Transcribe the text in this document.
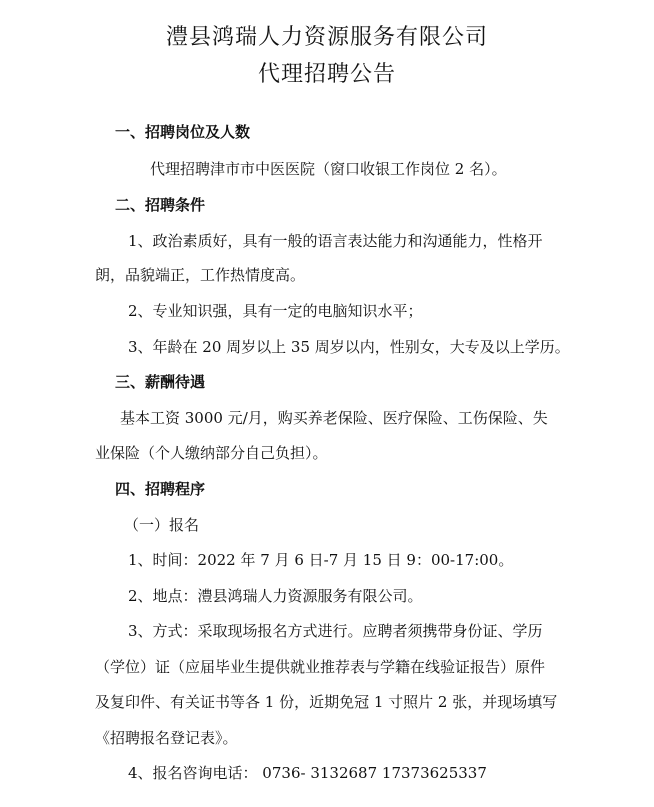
澧县鸿瑞人力资源服务有限公司
代理招聘公告
一、招聘岗位及人数
代理招聘津市市中医医院（窗口收银工作岗位 2 名）。
二、招聘条件
1、政治素质好，具有一般的语言表达能力和沟通能力，性格开
朗，品貌端正，工作热情度高。
2、专业知识强，具有一定的电脑知识水平；
3、年龄在 20 周岁以上 35 周岁以内，性别女，大专及以上学历。
三、薪酬待遇
基本工资 3000 元/月，购买养老保险、医疗保险、工伤保险、失
业保险（个人缴纳部分自己负担）。
四、招聘程序
（一）报名
1、时间：2022 年 7 月 6 日-7 月 15 日 9：00-17:00。
2、地点：澧县鸿瑞人力资源服务有限公司。
3、方式：采取现场报名方式进行。应聘者须携带身份证、学历
（学位）证（应届毕业生提供就业推荐表与学籍在线验证报告）原件
及复印件、有关证书等各 1 份，近期免冠 1 寸照片 2 张，并现场填写
《招聘报名登记表》。
4、报名咨询电话： 0736- 3132687 17373625337
